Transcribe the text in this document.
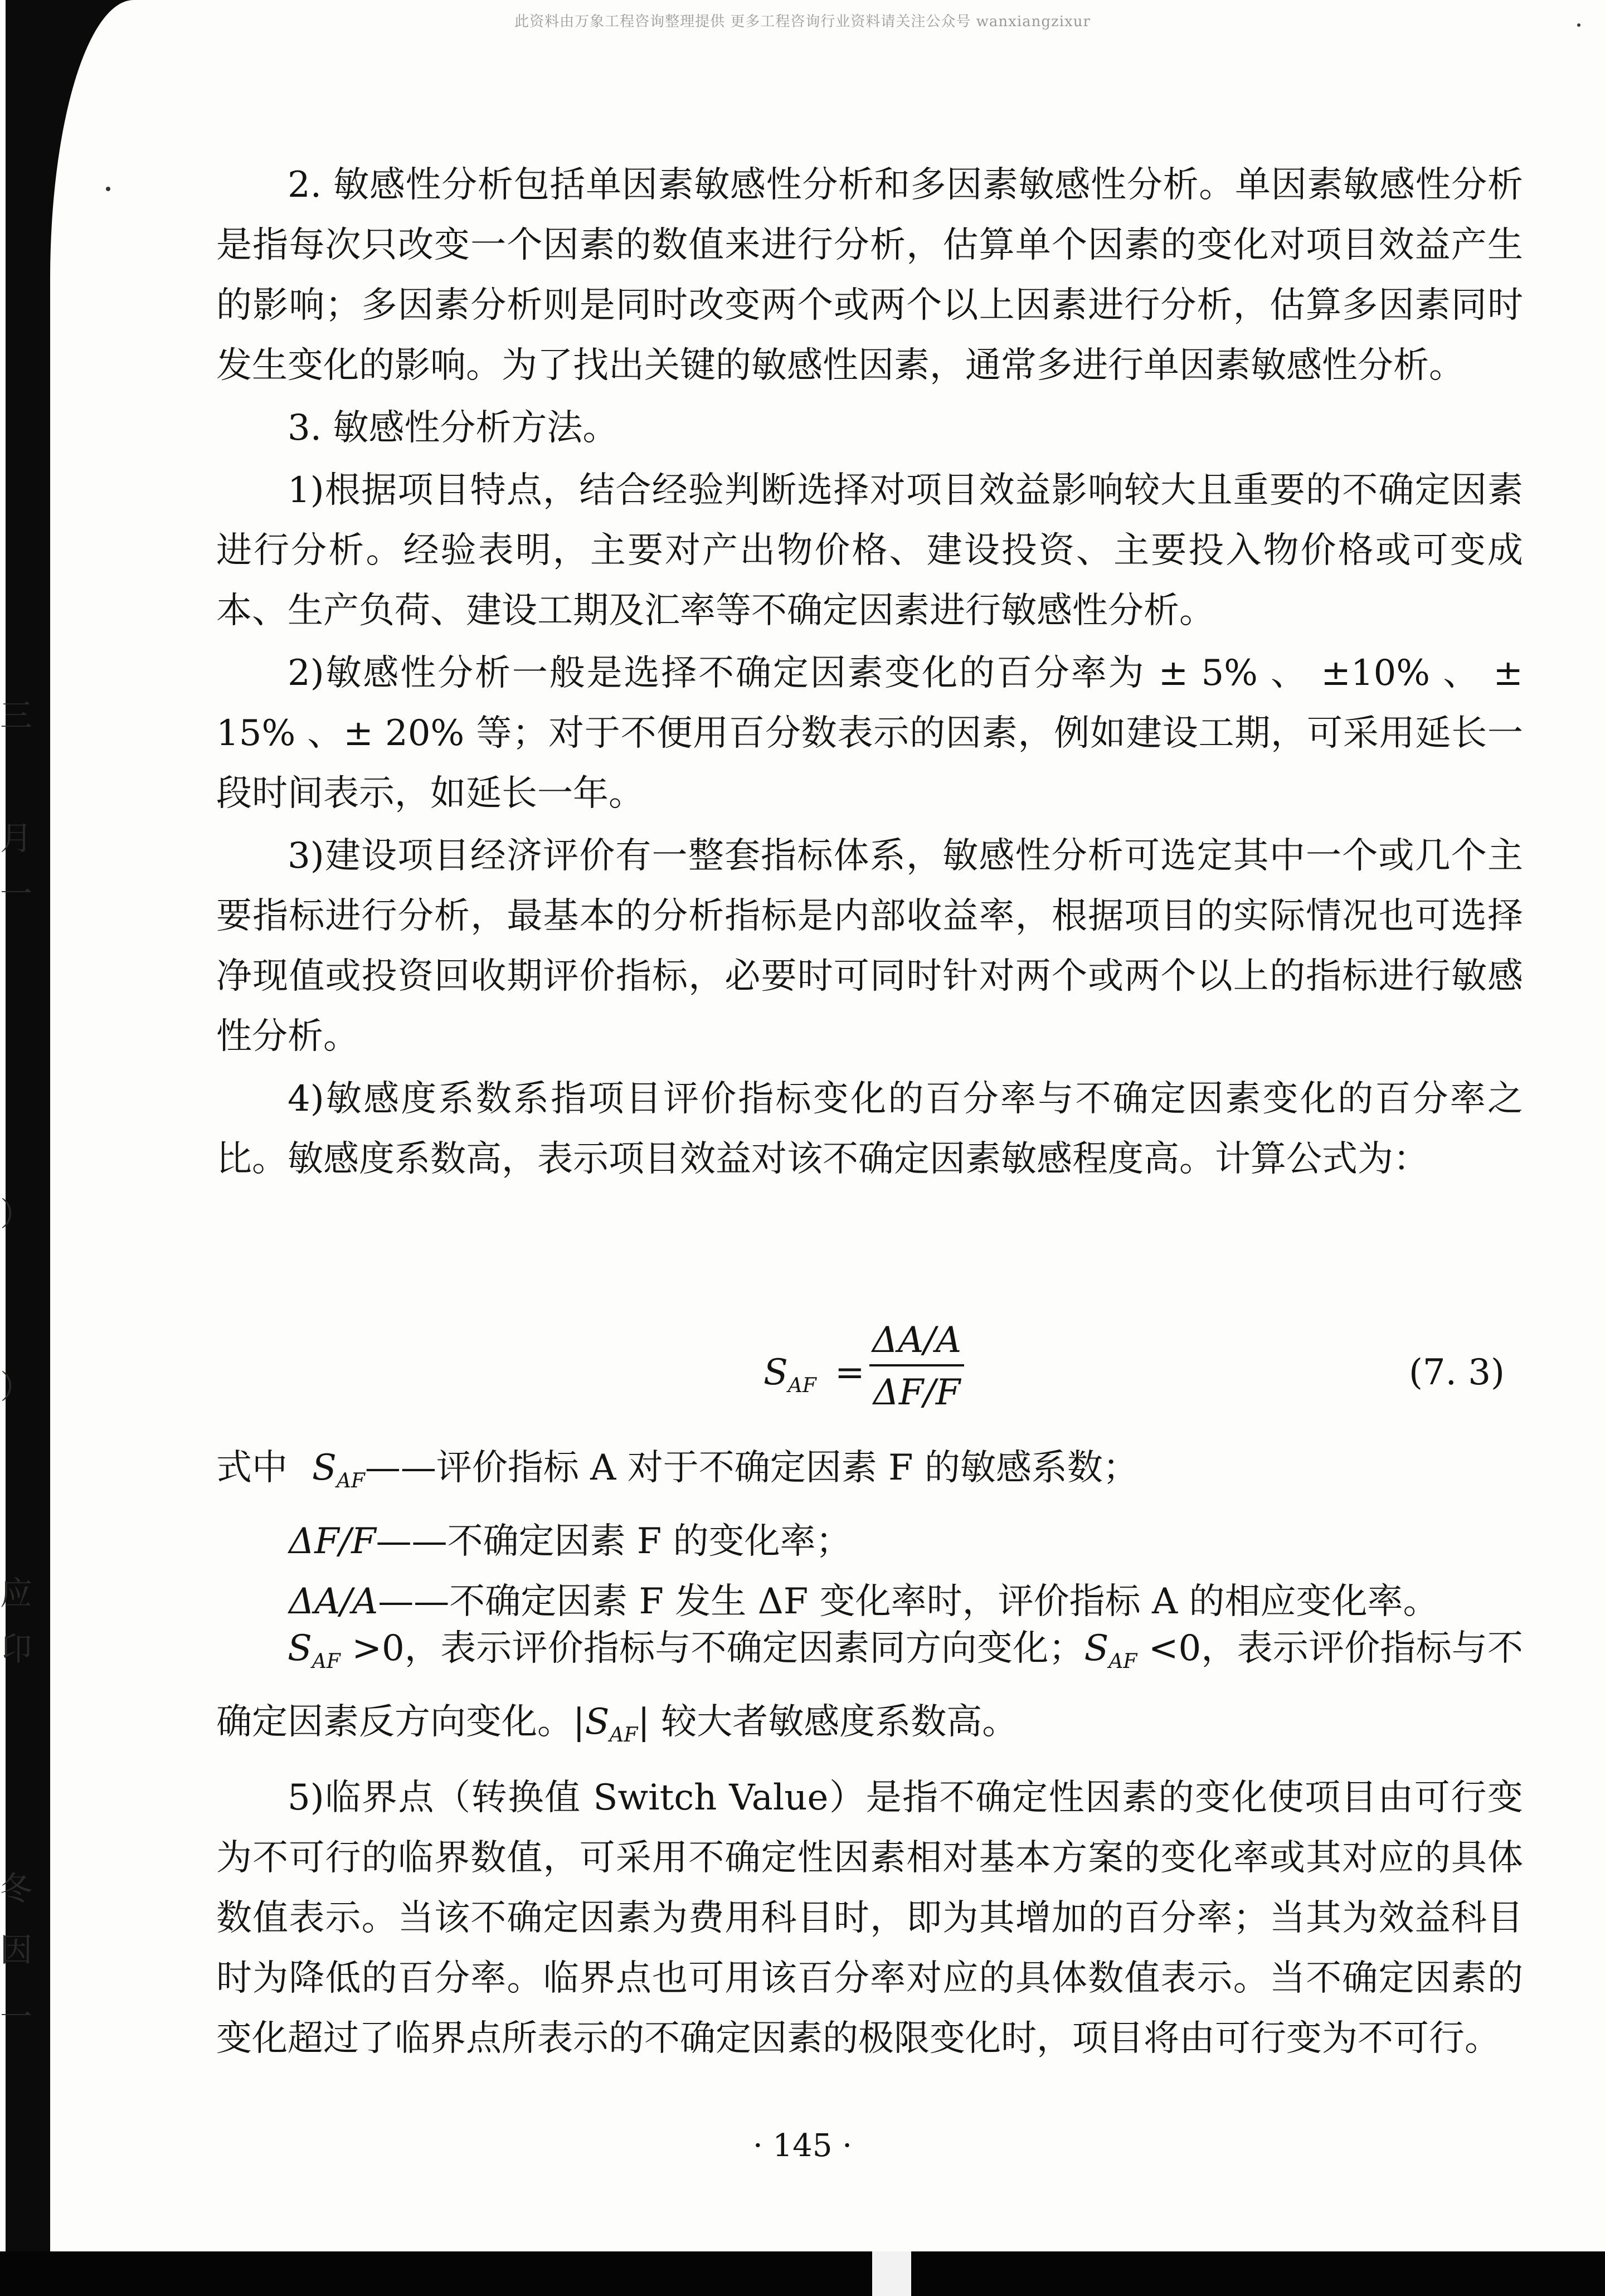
三
月
一
）
）
应
卬
冬
因
一
此资料由万象工程咨询整理提供 更多工程咨询行业资料请关注公众号 wanxiangzixur

2. 敏感性分析包括单因素敏感性分析和多因素敏感性分析。单因素敏感性分析是指每次只改变一个因素的数值来进行分析，估算单个因素的变化对项目效益产生的影响；多因素分析则是同时改变两个或两个以上因素进行分析，估算多因素同时发生变化的影响。为了找出关键的敏感性因素，通常多进行单因素敏感性分析。

3. 敏感性分析方法。

1)根据项目特点，结合经验判断选择对项目效益影响较大且重要的不确定因素进行分析。经验表明，主要对产出物价格、建设投资、主要投入物价格或可变成本、生产负荷、建设工期及汇率等不确定因素进行敏感性分析。

2)敏感性分析一般是选择不确定因素变化的百分率为 ± 5% 、 ±10% 、 ± 15% 、± 20% 等；对于不便用百分数表示的因素，例如建设工期，可采用延长一段时间表示，如延长一年。

3)建设项目经济评价有一整套指标体系，敏感性分析可选定其中一个或几个主要指标进行分析，最基本的分析指标是内部收益率，根据项目的实际情况也可选择净现值或投资回收期评价指标，必要时可同时针对两个或两个以上的指标进行敏感性分析。

4)敏感度系数系指项目评价指标变化的百分率与不确定因素变化的百分率之比。敏感度系数高，表示项目效益对该不确定因素敏感程度高。计算公式为：

$S_{AF} = \frac{\Delta A/A}{\Delta F/F}$	(7. 3)
式中 $S_{AF}——$评价指标 A 对于不确定因素 F 的敏感系数；
ΔF/F——不确定因素 F 的变化率；
ΔA/A——不确定因素 F 发生 ΔF 变化率时，评价指标 A 的相应变化率。

$S_{AF} >0$，表示评价指标与不确定因素同方向变化；$S_{AF} <0$，表示评价指标与不确定因素反方向变化。$|S_{AF}|$ 较大者敏感度系数高。

5)临界点（转换值 Switch Value）是指不确定性因素的变化使项目由可行变为不可行的临界数值，可采用不确定性因素相对基本方案的变化率或其对应的具体数值表示。当该不确定因素为费用科目时，即为其增加的百分率；当其为效益科目时为降低的百分率。临界点也可用该百分率对应的具体数值表示。当不确定因素的变化超过了临界点所表示的不确定因素的极限变化时，项目将由可行变为不可行。

· 145 ·
